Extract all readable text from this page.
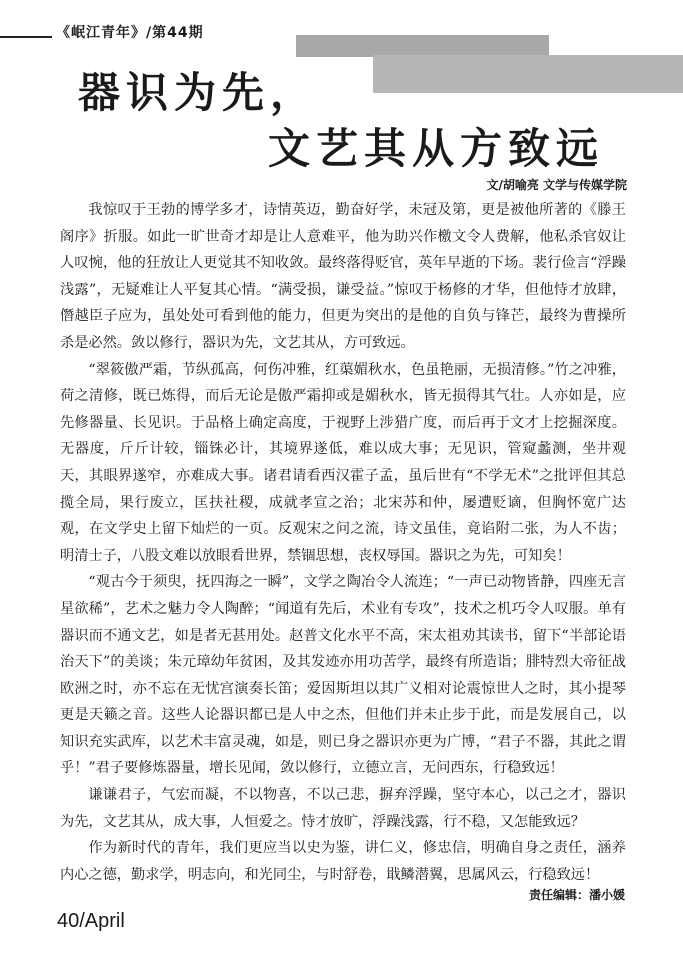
《岷江青年》/第44期
器识为先，
文艺其从方致远
文/胡喻亮 文学与传媒学院

我惊叹于王勃的博学多才，诗情英迈，勤奋好学，未冠及第，更是被他所著的《滕王阁序》折服。如此一旷世奇才却是让人意难平，他为助兴作檄文令人费解，他私杀官奴让人叹惋，他的狂放让人更觉其不知收敛。最终落得贬官，英年早逝的下场。裴行俭言“浮躁浅露”，无疑难让人平复其心情。“满受损，谦受益。”惊叹于杨修的才华，但他恃才放肆，僭越臣子应为，虽处处可看到他的能力，但更为突出的是他的自负与锋芒，最终为曹操所杀是必然。敛以修行，器识为先，文艺其从，方可致远。

“翠筱傲严霜，节纵孤高，何伤冲雅，红蕖媚秋水，色虽艳丽，无损清修。”竹之冲雅，荷之清修，既已炼得，而后无论是傲严霜抑或是媚秋水，皆无损得其气壮。人亦如是，应先修器量、长见识。于品格上确定高度，于视野上涉猎广度，而后再于文才上挖掘深度。无器度，斤斤计较，锱铢必计，其境界遂低，难以成大事；无见识，管窥蠡测，坐井观天，其眼界遂窄，亦难成大事。诸君请看西汉霍子孟，虽后世有“不学无术”之批评但其总揽全局，果行废立，匡扶社稷，成就孝宣之治；北宋苏和仲，屡遭贬谪，但胸怀宽广达观，在文学史上留下灿烂的一页。反观宋之问之流，诗文虽佳，竟谄附二张，为人不齿；明清士子，八股文难以放眼看世界，禁锢思想，丧权辱国。器识之为先，可知矣！

“观古今于须臾，抚四海之一瞬”，文学之陶冶令人流连；“一声已动物皆静，四座无言星欲稀”，艺术之魅力令人陶醉；“闻道有先后，术业有专攻”，技术之机巧令人叹服。单有器识而不通文艺，如是者无甚用处。赵普文化水平不高，宋太祖劝其读书，留下“半部论语治天下”的美谈；朱元璋幼年贫困，及其发迹亦用功苦学，最终有所造诣；腓特烈大帝征战欧洲之时，亦不忘在无忧宫演奏长笛；爱因斯坦以其广义相对论震惊世人之时，其小提琴更是天籁之音。这些人论器识都已是人中之杰，但他们并未止步于此，而是发展自己，以知识充实武库，以艺术丰富灵魂，如是，则已身之器识亦更为广博，“君子不器，其此之谓乎！”君子要修炼器量，增长见闻，敛以修行，立德立言，无问西东，行稳致远！

谦谦君子，气宏而凝，不以物喜，不以己悲，摒弃浮躁，坚守本心，以己之才，器识为先，文艺其从，成大事，人恒爱之。恃才放旷，浮躁浅露，行不稳，又怎能致远？

作为新时代的青年，我们更应当以史为鉴，讲仁义，修忠信，明确自身之责任，涵养内心之德，勤求学，明志向，和光同尘，与时舒卷，戢鳞潜翼，思属风云，行稳致远！

责任编辑：潘小媛
40/April
